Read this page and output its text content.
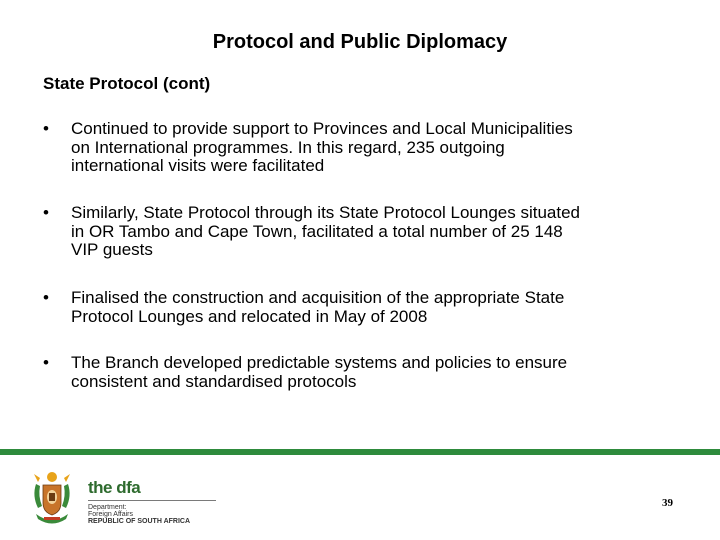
Protocol and Public Diplomacy
State Protocol (cont)
•	Continued to provide support to Provinces and Local Municipalities
on International programmes. In this regard, 235 outgoing
international visits were facilitated
•	Similarly, State Protocol through its State Protocol Lounges situated
in OR Tambo and Cape Town, facilitated a total number of 25 148
VIP guests
•	Finalised the construction and acquisition of the appropriate State
Protocol Lounges and relocated in May of 2008
•	The Branch developed predictable systems and policies to ensure
consistent and standardised protocols
the dfa
Department:
Foreign Affairs
REPUBLIC OF SOUTH AFRICA
39
